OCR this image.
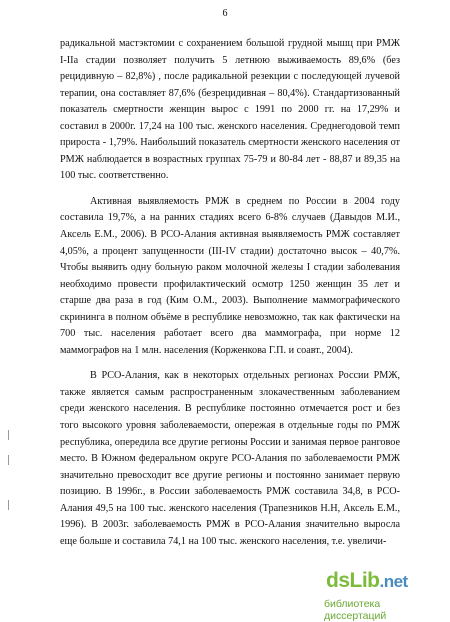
6

радикальной мастэктомии с сохранением большой грудной мышц при РМЖ I-IIa стадии позволяет получить 5 летнюю выживаемость 89,6% (без рецидивную – 82,8%) , после радикальной резекции с последующей лучевой терапии, она составляет 87,6% (безрецидивная – 80,4%). Стандартизованный показатель смертности женщин вырос с 1991 по 2000 гг. на 17,29% и составил в 2000г. 17,24 на 100 тыс. женского населения. Среднегодовой темп прироста - 1,79%. Наибольший показатель смертности женского населения от РМЖ наблюдается в возрастных группах 75-79 и 80-84 лет - 88,87 и 89,35 на 100 тыс. соответственно.

Активная выявляемость РМЖ в среднем по России в 2004 году составила 19,7%, а на ранних стадиях всего 6-8% случаев (Давыдов М.И., Аксель Е.М., 2006). В РСО-Алания активная выявляемость РМЖ составляет 4,05%, а процент запущенности (III-IV стадии) достаточно высок – 40,7%. Чтобы выявить одну больную раком молочной железы I стадии заболевания необходимо провести профилактический осмотр 1250 женщин 35 лет и старше два раза в год (Ким О.М., 2003). Выполнение маммографического скрининга в полном объёме в республике невозможно, так как фактически на 700 тыс. населения работает всего два маммографа, при норме 12 маммографов на 1 млн. населения (Корженкова Г.П. и соавт., 2004).

В РСО-Алания, как в некоторых отдельных регионах России РМЖ, также является самым распространенным злокачественным заболеванием среди женского населения. В республике постоянно отмечается рост и без того высокого уровня заболеваемости, опережая в отдельные годы по РМЖ республика, опередила все другие регионы России и занимая первое ранговое место. В Южном федеральном округе РСО-Алания по заболеваемости РМЖ значительно превосходит все другие регионы и постоянно занимает первую позицию. В 1996г., в России заболеваемость РМЖ составила 34,8, в РСО-Алания 49,5 на 100 тыс. женского населения (Трапезников Н.Н, Аксель Е.М., 1996). В 2003г. заболеваемость РМЖ в РСО-Алания значительно выросла еще больше и составила 74,1 на 100 тыс. женского населения, т.е. увеличи-

dsLib.net
библиотека диссертаций
